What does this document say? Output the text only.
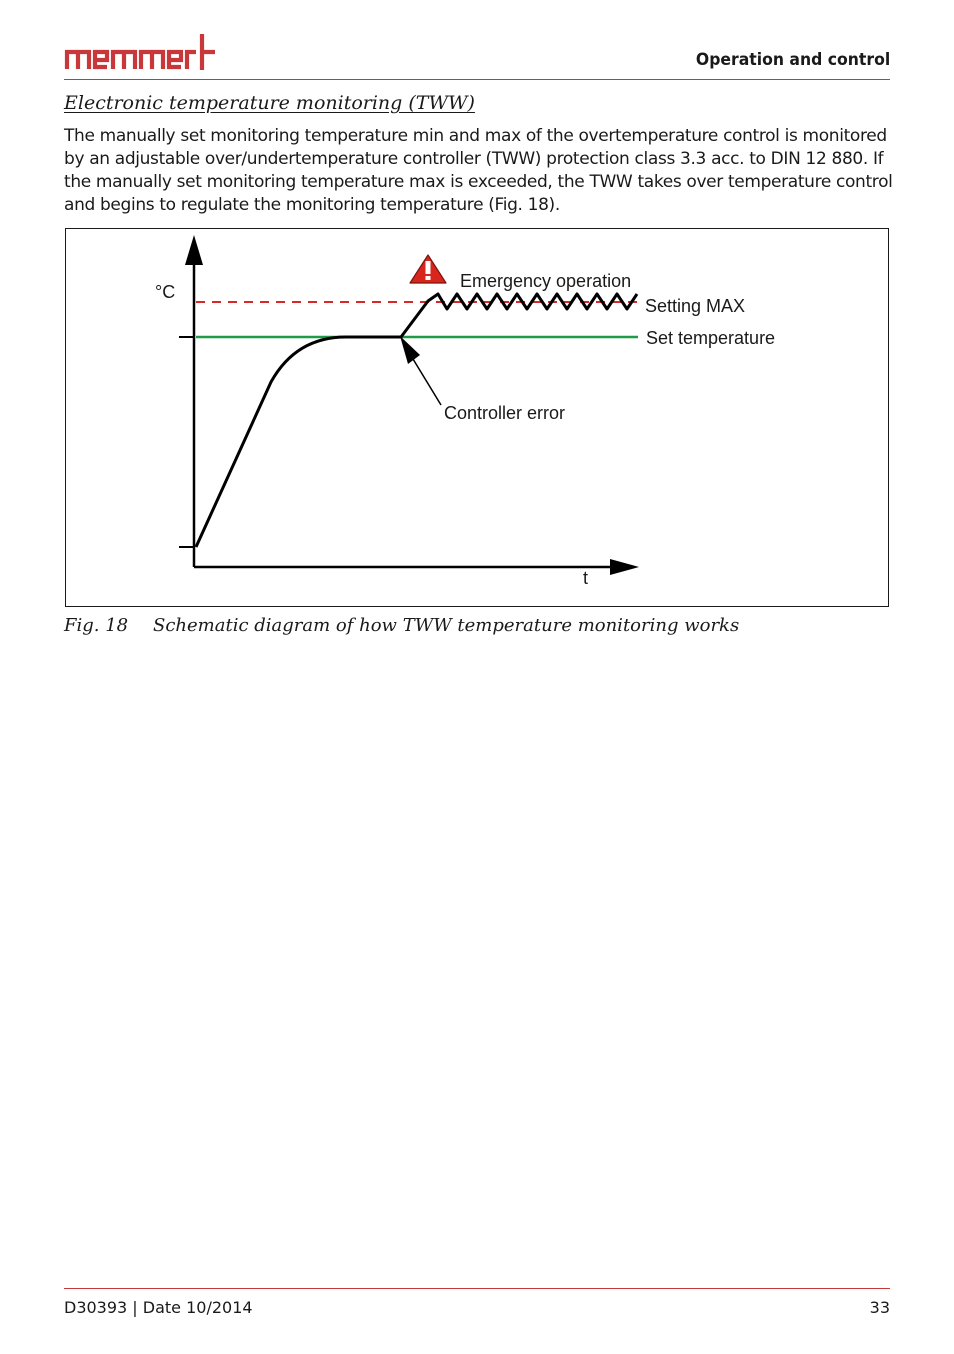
Operation and control
Electronic temperature monitoring (TWW)
The manually set monitoring temperature min and max of the overtemperature control is monitored by an adjustable over/undertemperature controller (TWW) protection class 3.3 acc. to DIN 12 880. If the manually set monitoring temperature max is exceeded, the TWW takes over temperature control and begins to regulate the monitoring temperature (Fig. 18).
°C
t
Emergency operation
Setting MAX
Set temperature
Controller error
Fig. 18 Schematic diagram of how TWW temperature monitoring works
D30393 | Date 10/2014	33
